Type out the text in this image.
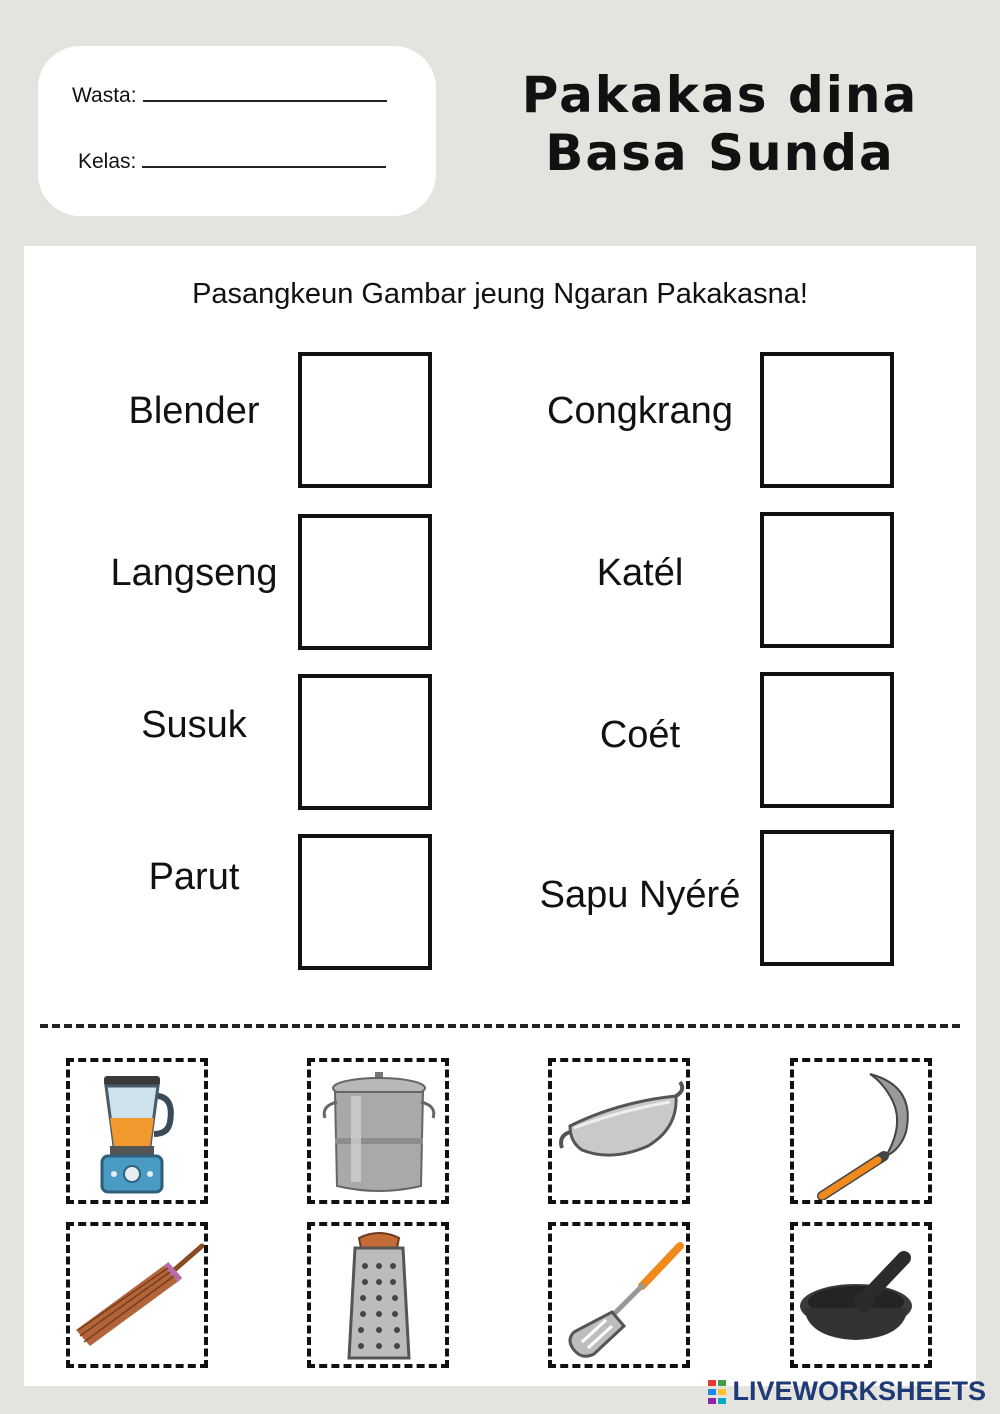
Wasta:
Kelas:
Pakakas dina
Basa Sunda
Pasangkeun Gambar jeung Ngaran Pakakasna!
Blender
Langseng
Susuk
Parut
Congkrang
Katél
Coét
Sapu Nyéré
LIVEWORKSHEETS
